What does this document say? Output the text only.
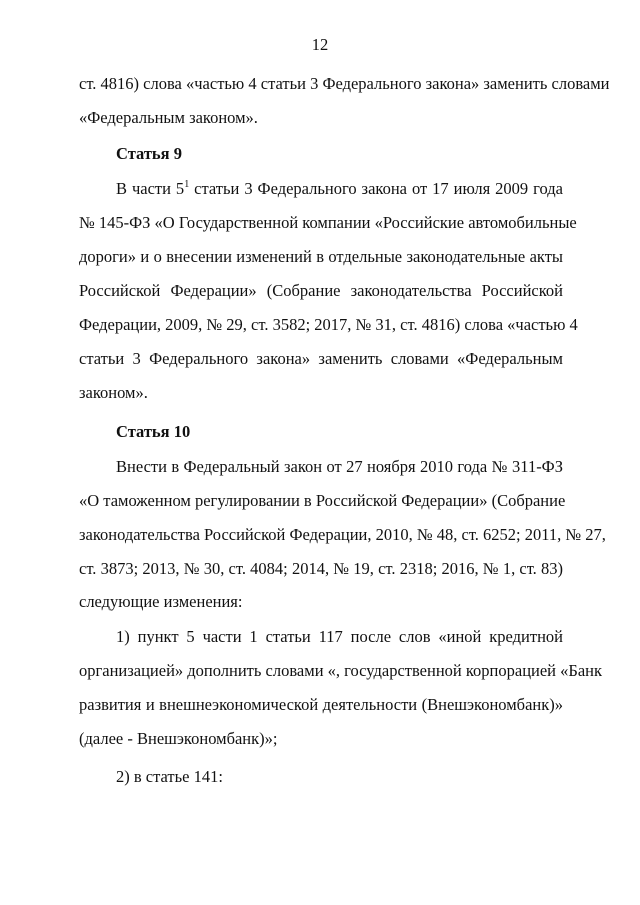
12
ст. 4816) слова «частью 4 статьи 3 Федерального закона» заменить словами
«Федеральным законом».
Статья 9
В части $5^1$ статьи 3 Федерального закона от 17 июля 2009 года
№ 145-ФЗ «О Государственной компании «Российские автомобильные
дороги» и о внесении изменений в отдельные законодательные акты
Российской Федерации» (Собрание законодательства Российской
Федерации, 2009, № 29, ст. 3582; 2017, № 31, ст. 4816) слова «частью 4
статьи 3 Федерального закона» заменить словами «Федеральным
законом».
Статья 10
Внести в Федеральный закон от 27 ноября 2010 года № 311-ФЗ
«О таможенном регулировании в Российской Федерации» (Собрание
законодательства Российской Федерации, 2010, № 48, ст. 6252; 2011, № 27,
ст. 3873; 2013, № 30, ст. 4084; 2014, № 19, ст. 2318; 2016, № 1, ст. 83)
следующие изменения:
1) пункт 5 части 1 статьи 117 после слов «иной кредитной
организацией» дополнить словами «, государственной корпорацией «Банк
развития и внешнеэкономической деятельности (Внешэкономбанк)»
(далее - Внешэкономбанк)»;
2) в статье 141:
